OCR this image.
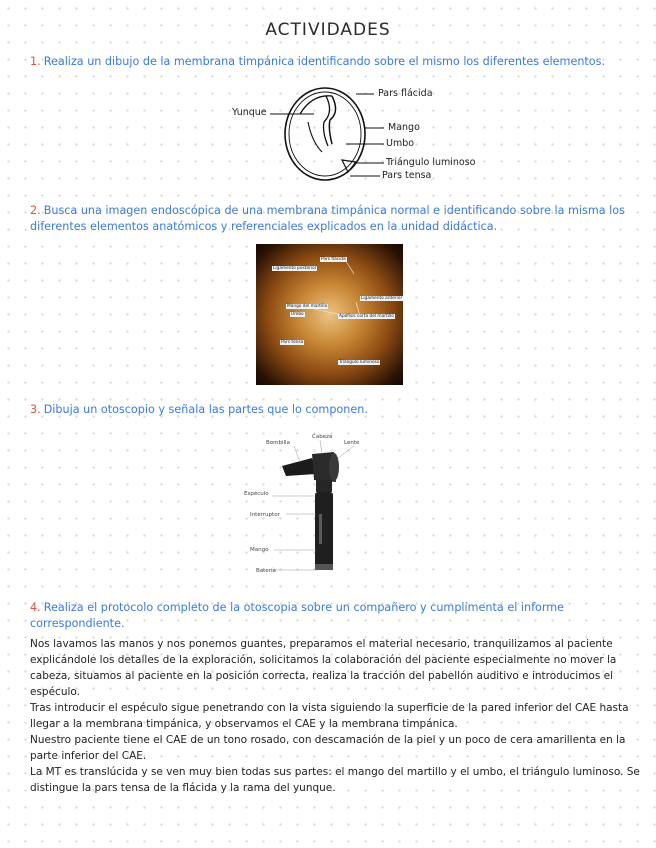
ACTIVIDADES
1. Realiza un dibujo de la membrana timpánica identificando sobre el mismo los diferentes elementos.
Yunque
Pars flácida
Mango
Umbo
Triángulo luminoso
Pars tensa
2. Busca una imagen endoscópica de una membrana timpánica normal e identificando sobre la misma los diferentes elementos anatómicos y referenciales explicados en la unidad didáctica.
Pars flácida
Ligamento posterior
Ligamento anterior
Mango del martillo
Umbo	Apófisis corta del martillo
Pars tensa
Triángulo luminoso
3. Dibuja un otoscopio y señala las partes que lo componen.
Cabeza
Bombilla	Lente
Espéculo
Interruptor
Mango
Batería
4. Realiza el protocolo completo de la otoscopia sobre un compañero y cumplimenta el informe correspondiente.

Nos lavamos las manos y nos ponemos guantes, preparamos el material necesario, tranquilizamos al paciente explicándole los detalles de la exploración, solicitamos la colaboración del paciente especialmente no mover la cabeza, situamos al paciente en la posición correcta, realiza la tracción del pabellón auditivo e introducimos el espéculo.

Tras introducir el espéculo sigue penetrando con la vista siguiendo la superficie de la pared inferior del CAE hasta llegar a la membrana timpánica, y observamos el CAE y la membrana timpánica.

Nuestro paciente tiene el CAE de un tono rosado, con descamación de la piel y un poco de cera amarillenta en la parte inferior del CAE.

La MT es translúcida y se ven muy bien todas sus partes: el mango del martillo y el umbo, el triángulo luminoso. Se distingue la pars tensa de la flácida y la rama del yunque.
